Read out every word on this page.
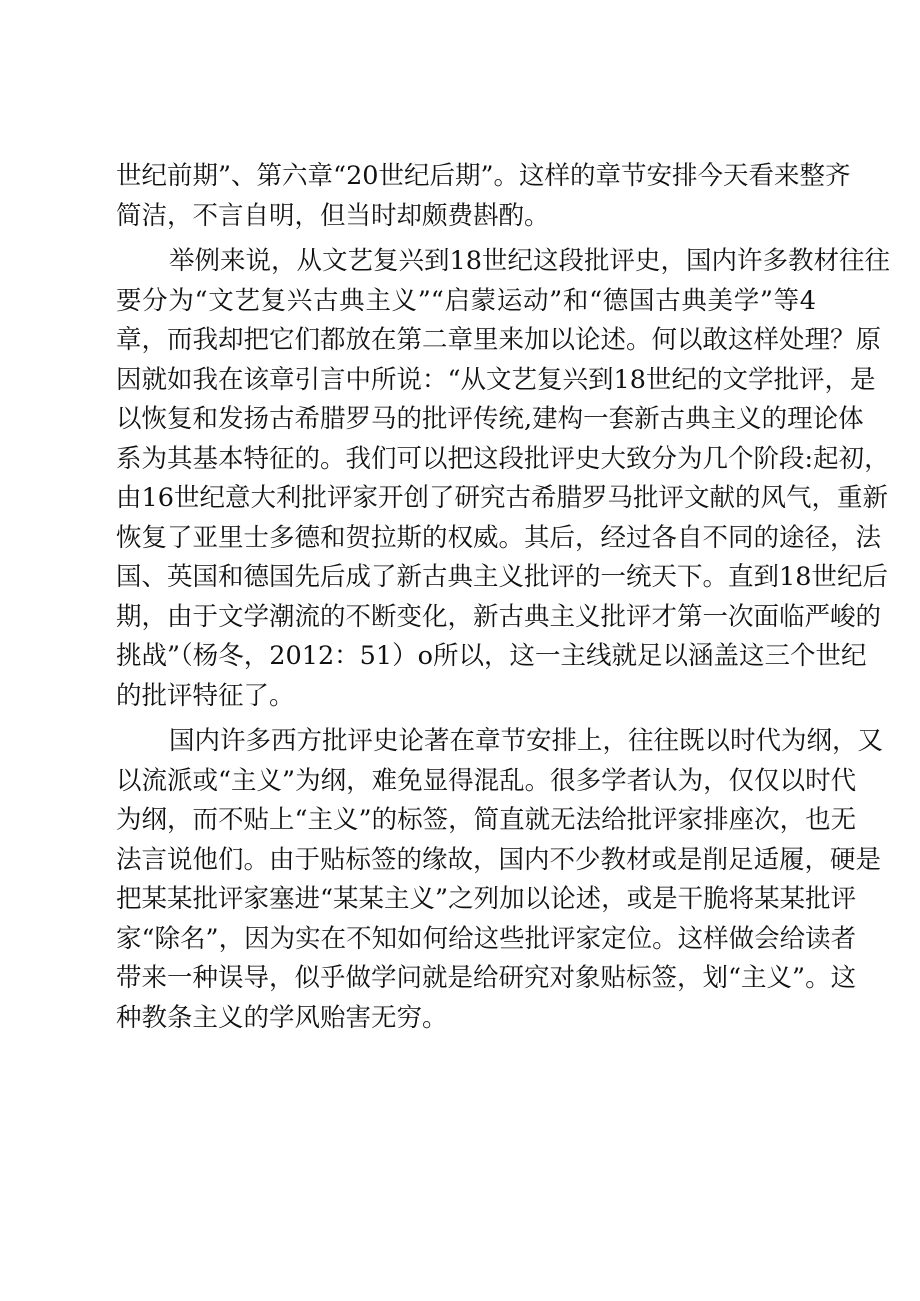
世纪前期”、第六章“20世纪后期”。这样的章节安排今天看来整齐
简洁，不言自明，但当时却颇费斟酌。
举例来说，从文艺复兴到18世纪这段批评史，国内许多教材往往
要分为“文艺复兴古典主义”“启蒙运动”和“德国古典美学”等4
章，而我却把它们都放在第二章里来加以论述。何以敢这样处理？原
因就如我在该章引言中所说：“从文艺复兴到18世纪的文学批评，是
以恢复和发扬古希腊罗马的批评传统,建构一套新古典主义的理论体
系为其基本特征的。我们可以把这段批评史大致分为几个阶段:起初，
由16世纪意大利批评家开创了研究古希腊罗马批评文献的风气，重新
恢复了亚里士多德和贺拉斯的权威。其后，经过各自不同的途径，法
国、英国和德国先后成了新古典主义批评的一统天下。直到18世纪后
期，由于文学潮流的不断变化，新古典主义批评才第一次面临严峻的
挑战”（杨冬，2012：51）o所以，这一主线就足以涵盖这三个世纪
的批评特征了。
国内许多西方批评史论著在章节安排上，往往既以时代为纲，又
以流派或“主义”为纲，难免显得混乱。很多学者认为，仅仅以时代
为纲，而不贴上“主义”的标签，简直就无法给批评家排座次，也无
法言说他们。由于贴标签的缘故，国内不少教材或是削足适履，硬是
把某某批评家塞进“某某主义”之列加以论述，或是干脆将某某批评
家“除名”，因为实在不知如何给这些批评家定位。这样做会给读者
带来一种误导，似乎做学问就是给研究对象贴标签，划“主义”。这
种教条主义的学风贻害无穷。
